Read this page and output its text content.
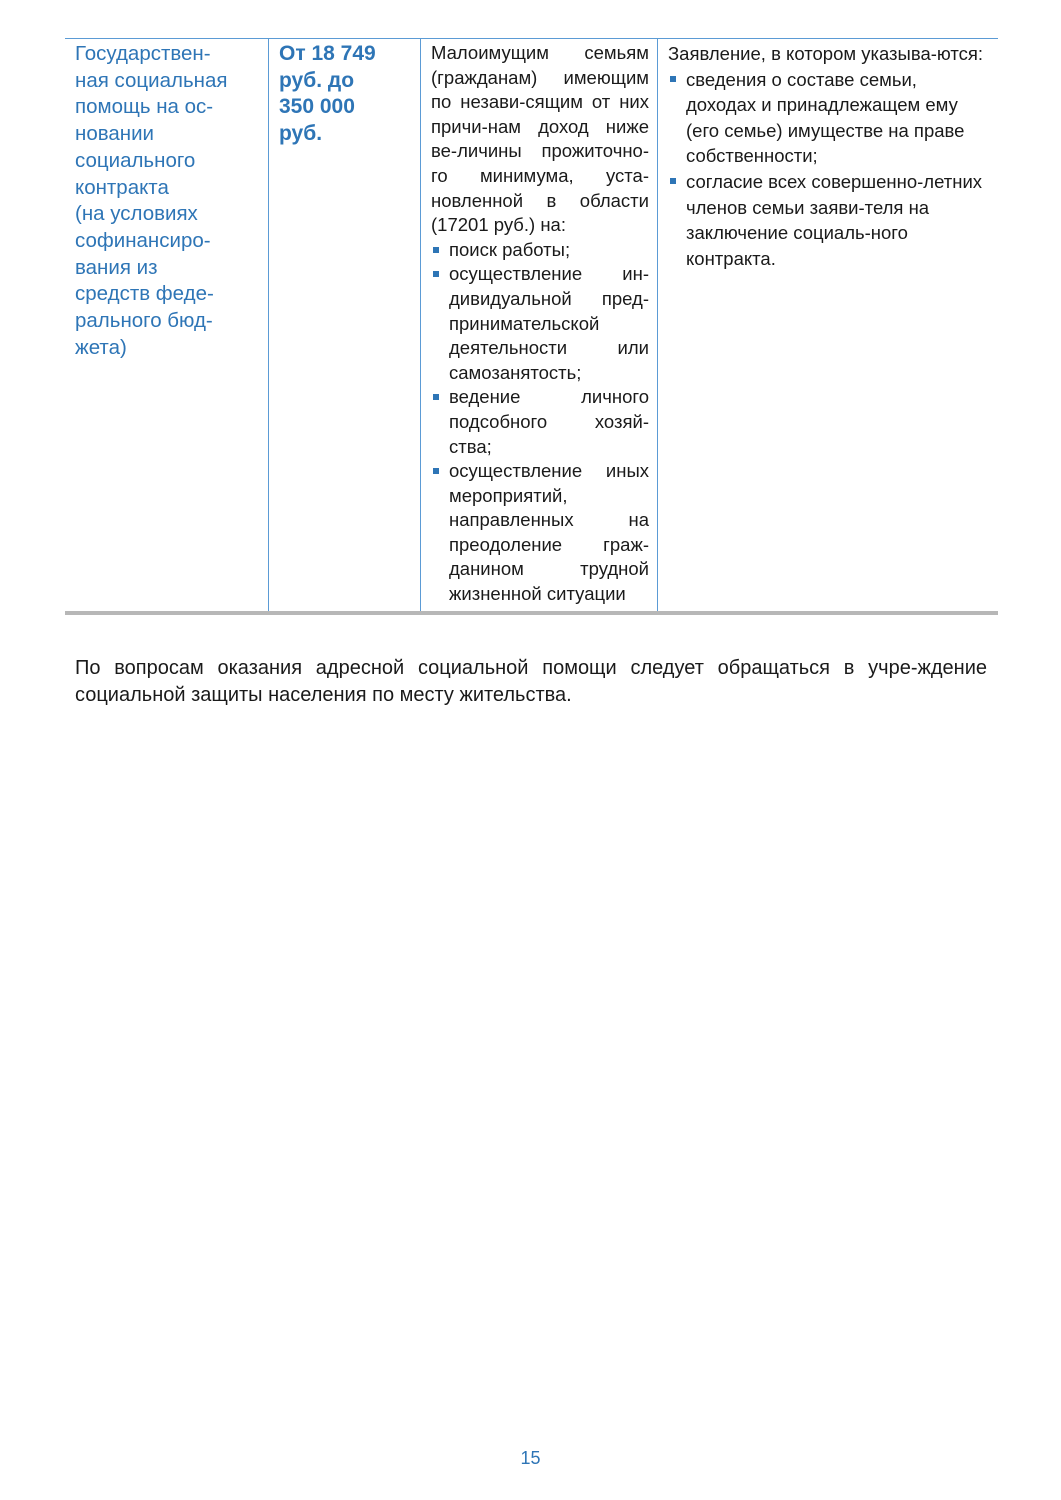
Государствен-
ная социальная
помощь на ос-
новании
социального
контракта
(на условиях
софинансиро-
вания из
средств феде-
рального бюд-
жета)
От 18 749
руб. до
350 000
руб.
Малоимущим семьям (гражданам) имеющим по незави-сящим от них причи-нам доход ниже ве-личины прожиточно-го минимума, уста-новленной в области (17201 руб.) на:
поиск работы;
осуществление ин-дивидуальной пред-принимательской деятельности или самозанятость;
ведение личного подсобного хозяй-ства;
осуществление иных мероприятий, направленных на преодоление граж-данином трудной жизненной ситуации
Заявление, в котором указыва-ются:
сведения о составе семьи, доходах и принадлежащем ему (его семье) имуществе на праве собственности;
согласие всех совершенно-летних членов семьи заяви-теля на заключение социаль-ного контракта.

По вопросам оказания адресной социальной помощи следует обращаться в учре-ждение социальной защиты населения по месту жительства.

15
